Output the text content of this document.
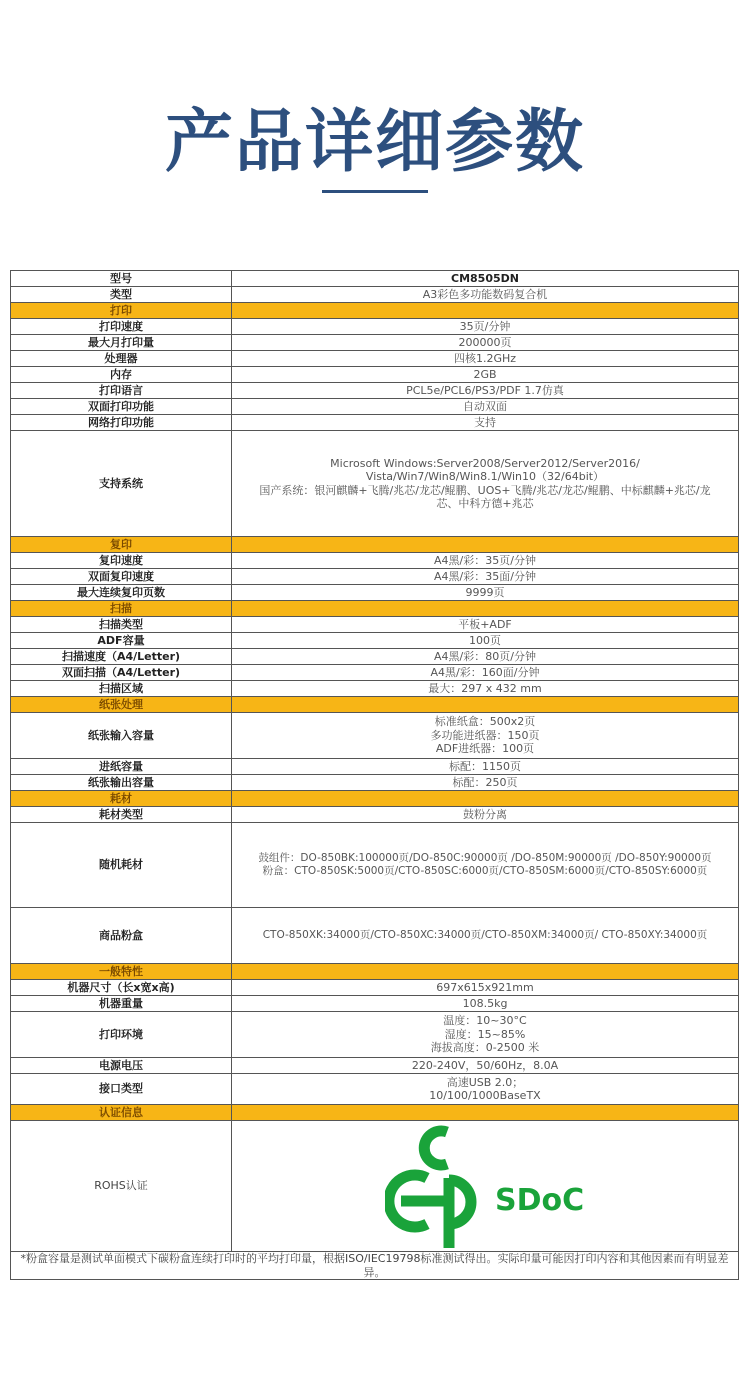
产品详细参数
型号	CM8505DN
类型	A3彩色多功能数码复合机
打印	
打印速度	35页/分钟
最大月打印量	200000页
处理器	四核1.2GHz
内存	2GB
打印语言	PCL5e/PCL6/PS3/PDF 1.7仿真
双面打印功能	自动双面
网络打印功能	支持
支持系统	Microsoft Windows:Server2008/Server2012/Server2016/
Vista/Win7/Win8/Win8.1/Win10（32/64bit）
国产系统：银河麒麟+飞腾/兆芯/龙芯/鲲鹏、UOS+飞腾/兆芯/龙芯/鲲鹏、中标麒麟+兆芯/龙
芯、中科方德+兆芯

复印	
复印速度	A4黑/彩：35页/分钟
双面复印速度	A4黑/彩：35面/分钟
最大连续复印页数	9999页
扫描	
扫描类型	平板+ADF
ADF容量	100页
扫描速度（A4/Letter)	A4黑/彩：80页/分钟
双面扫描（A4/Letter)	A4黑/彩：160面/分钟
扫描区域	最大：297 x 432 mm
纸张处理	
纸张输入容量	标准纸盒：500x2页
多功能进纸器：150页
ADF进纸器：100页

进纸容量	标配：1150页
纸张输出容量	标配：250页
耗材	
耗材类型	鼓粉分离
随机耗材	鼓组件：DO-850BK:100000页/DO-850C:90000页 /DO-850M:90000页 /DO-850Y:90000页
粉盒：CTO-850SK:5000页/CTO-850SC:6000页/CTO-850SM:6000页/CTO-850SY:6000页

商品粉盒	CTO-850XK:34000页/CTO-850XC:34000页/CTO-850XM:34000页/ CTO-850XY:34000页
一般特性	
机器尺寸（长x宽x高)	697x615x921mm
机器重量	108.5kg
打印环境	温度：10~30°C
湿度：15~85%
海拔高度：0-2500 米

电源电压	220-240V，50/60Hz，8.0A
接口类型	高速USB 2.0；
10/100/1000BaseTX

认证信息	
ROHS认证	SDoC

*粉盒容量是测试单面模式下碳粉盒连续打印时的平均打印量，根据ISO/IEC19798标准测试得出。实际印量可能因打印内容和其他因素而有明显差异。	
